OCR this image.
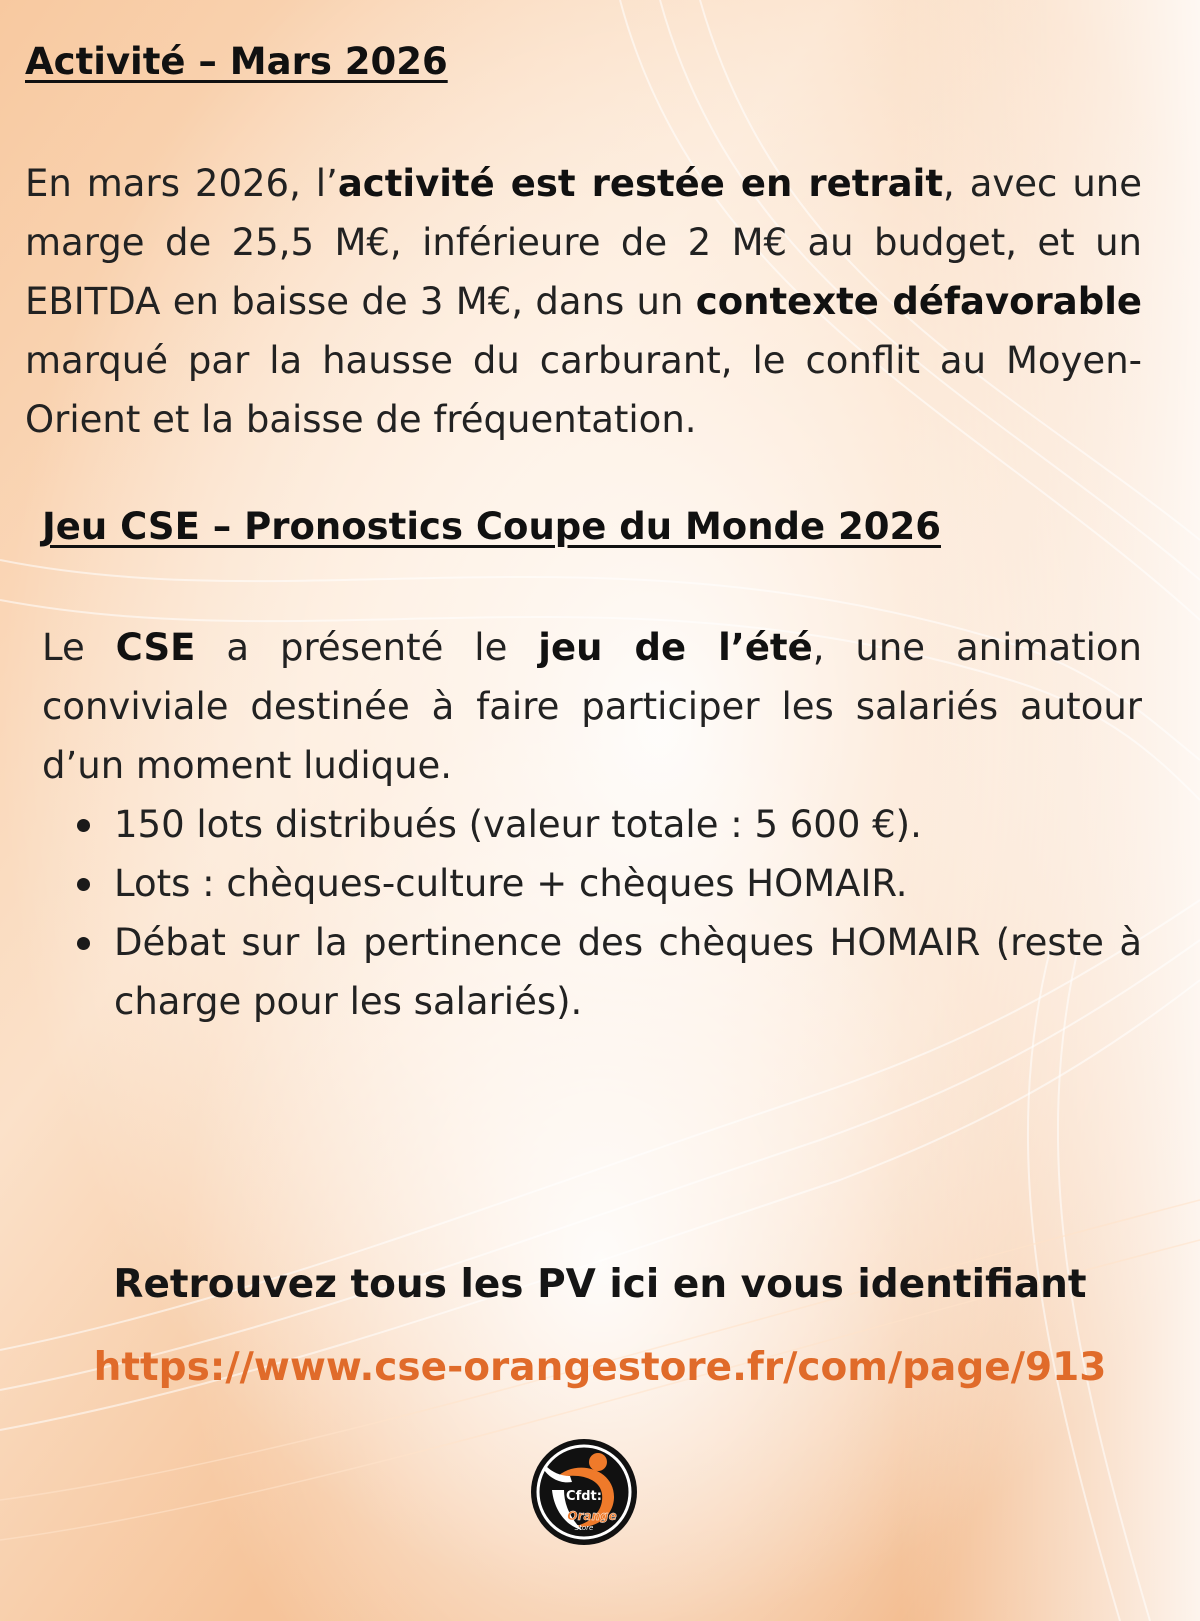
Activité – Mars 2026

En mars 2026, l’activité est restée en retrait, avec une marge de 25,5 M€, inférieure de 2 M€ au budget, et un EBITDA en baisse de 3 M€, dans un contexte défavorable marqué par la hausse du carburant, le conflit au Moyen-Orient et la baisse de fréquentation.

Jeu CSE – Pronostics Coupe du Monde 2026

Le CSE a présenté le jeu de l’été, une animation conviviale destinée à faire participer les salariés autour d’un moment ludique.

150 lots distribués (valeur totale : 5 600 €).
Lots : chèques-culture + chèques HOMAIR.
Débat sur la pertinence des chèques HOMAIR (reste à charge pour les salariés).

Retrouvez tous les PV ici en vous identifiant

https://www.cse-orangestore.fr/com/page/913
Cfdt:
Orange
Store
